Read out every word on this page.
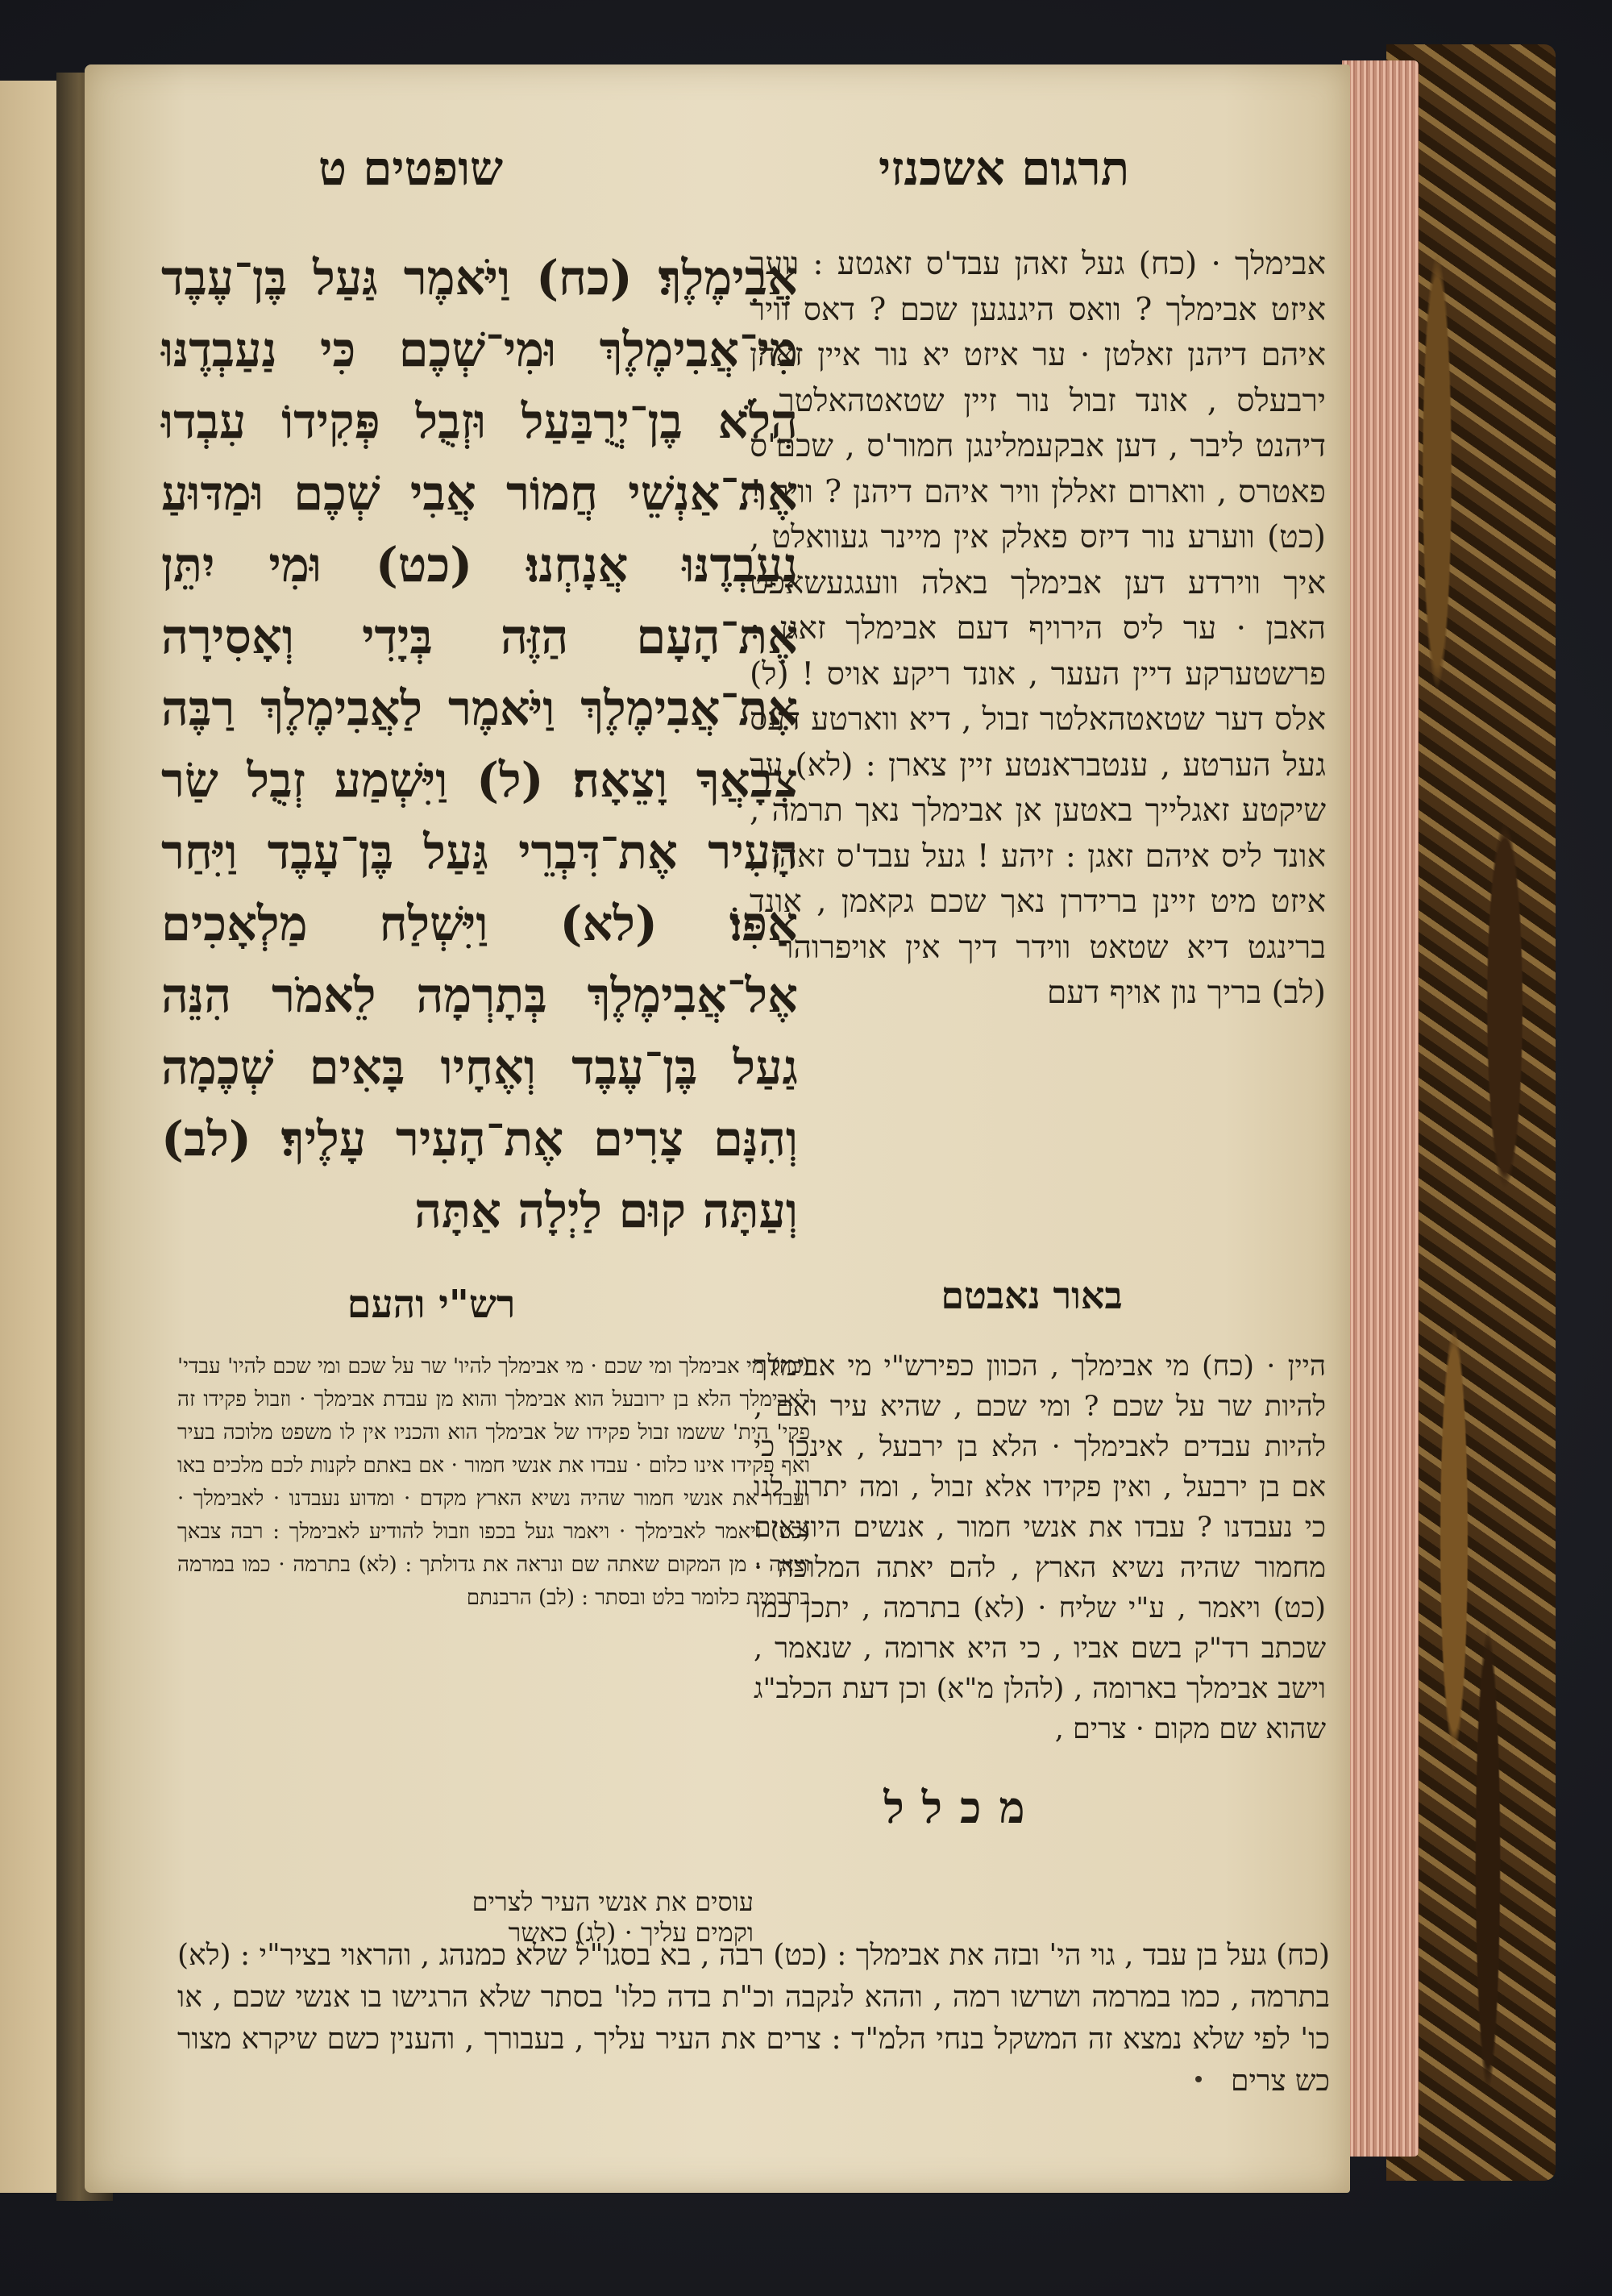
שופטים ט	תרגום אשכנזי
אֲבִימֶלֶךְ׃ (כח) וַיֹּאמֶר גַּעַל בֶּן־עֶבֶד מִי־אֲבִימֶלֶךְ וּמִי־שְׁכֶם כִּי נַעַבְדֶנּוּ הֲלֹא בֶן־יְרֻבַּעַל וּזְבֻל פְּקִידוֹ עִבְדוּ אֶת־אַנְשֵׁי חֲמוֹר אֲבִי שְׁכֶם וּמַדּוּעַ נַעַבְדֶנּוּ אֲנָחְנוּ׃ (כט) וּמִי יִתֵּן אֶת־הָעָם הַזֶּה בְּיָדִי וְאָסִירָה אֶת־אֲבִימֶלֶךְ וַיֹּאמֶר לַאֲבִימֶלֶךְ רַבֶּה צְבָאֲךָ וָצֵאָה׃ (ל) וַיִּשְׁמַע זְבֻל שַׂר הָעִיר אֶת־דִּבְרֵי גַּעַל בֶּן־עָבֶד וַיִּחַר אַפּוֹ׃ (לא) וַיִּשְׁלַח מַלְאָכִים אֶל־אֲבִימֶלֶךְ בְּתָרְמָה לֵאמֹר הִנֵּה גַעַל בֶּן־עֶבֶד וְאֶחָיו בָּאִים שְׁכֶמָה וְהִנָּם צָרִים אֶת־הָעִיר עָלֶיךָ׃ (לב) וְעַתָּה קוּם לַיְלָה אַתָּה
אבימלך · (כח) געל זאהן עבד'ס זאגטע : ווער איזט אבימלך ? וואס היגנגען שכם ? דאס וויר איהם דיהנן זאלטן · ער איזט יא נור איין זאהן ירבעלס , אונד זבול נור זיין שטאטהאלטר · דיהנט ליבר , דען אבקעמלינגן חמור'ס , שכם'ס פאטרס , ווארום זאללן וויר איהם דיהנן ? וויר ! (כט) ווערע נור דיזס פאלק אין מיינר געוואלט , איך ווירדע דען אבימלך באלה וועגגעשאפט האבן · ער ליס הירויף דעם אבימלך זאגן : פרשטערקע דיין העער , אונד ריקע אויס ! (ל) אלס דער שטאטהאלטר זבול , דיא ווארטע דעס געל הערטע , ענטבראנטע זיין צארן : (לא) ער שיקטע זאגלייך באטען אן אבימלך נאך תרמה , אונד ליס איהם זאגן : זיהע ! געל עבד'ס זאהן , איזט מיט זיינן ברידרן נאך שכם גקאמן , אונד ברינגט דיא שטאט ווידר דיך אין אויפרוהר · (לב) בריך נון אויף דעם
רש"י והעם	באור נאבטם
(כח) מי אבימלך ומי שכם · מי אבימלך להיו' שר על שכם ומי שכם להיו' עבדי' לאבימלך הלא בן ירובעל הוא אבימלך והוא מן עבדת אבימלך · וזבול פקידו זה פקי' הית' ששמו זבול פקידו של אבימלך הוא והכניו אין לו משפט מלוכה בעיר ואף פקידו אינו כלום · עבדו את אנשי חמור · אם באתם לקנות לכם מלכים באו ועבדו את אנשי חמור שהיה נשיא הארץ מקדם · ומדוע נעבדנו · לאבימלך · (כט) ויאמר לאבימלך · ויאמר געל בכפו וזבול להודיע לאבימלך : רבה צבאך וצאה · מן המקום שאתה שם ונראה את גדולתך : (לא) בתרמה · כמו במרמה בתרמית כלומר בלט ובסתר : (לב) הרבנתם
היין · (כח) מי אבימלך , הכוון כפירש"י מי אבימלך להיות שר על שכם ? ומי שכם , שהיא עיר ואם , להיות עבדים לאבימלך · הלא בן ירבעל , אינכו כי אם בן ירבעל , ואין פקידו אלא זבול , ומה יתרון לנו כי נעבדנו ? עבדו את אנשי חמור , אנשים היוצאים מחמור שהיה נשיא הארץ , להם יאתה המלוכה · (כט) ויאמר , ע"י שליח · (לא) בתרמה , יתכן כמו שכתב רד"ק בשם אביו , כי היא ארומה , שנאמר , וישב אבימלך בארומה , (להלן מ"א) וכן דעת הכלב"ג שהוא שם מקום · צרים ,
מכלל
עוסים את אנשי העיר לצרים וקמים עליך · (לג) כאשר
(כח) געל בן עבד , גוי הי' ובזה את אבימלך : (כט) רבה , בא בסגו"ל שלא כמנהג , והראוי בציר"י : (לא) בתרמה , כמו במרמה ושרשו רמה , וההא לנקבה וכ"ת בדה כלו' בסתר שלא הרגישו בו אנשי שכם , או כו' לפי שלא נמצא זה המשקל בנחי הלמ"ד : צרים את העיר עליך , בעבורך , והענין כשם שיקרא מצור כש צרים
